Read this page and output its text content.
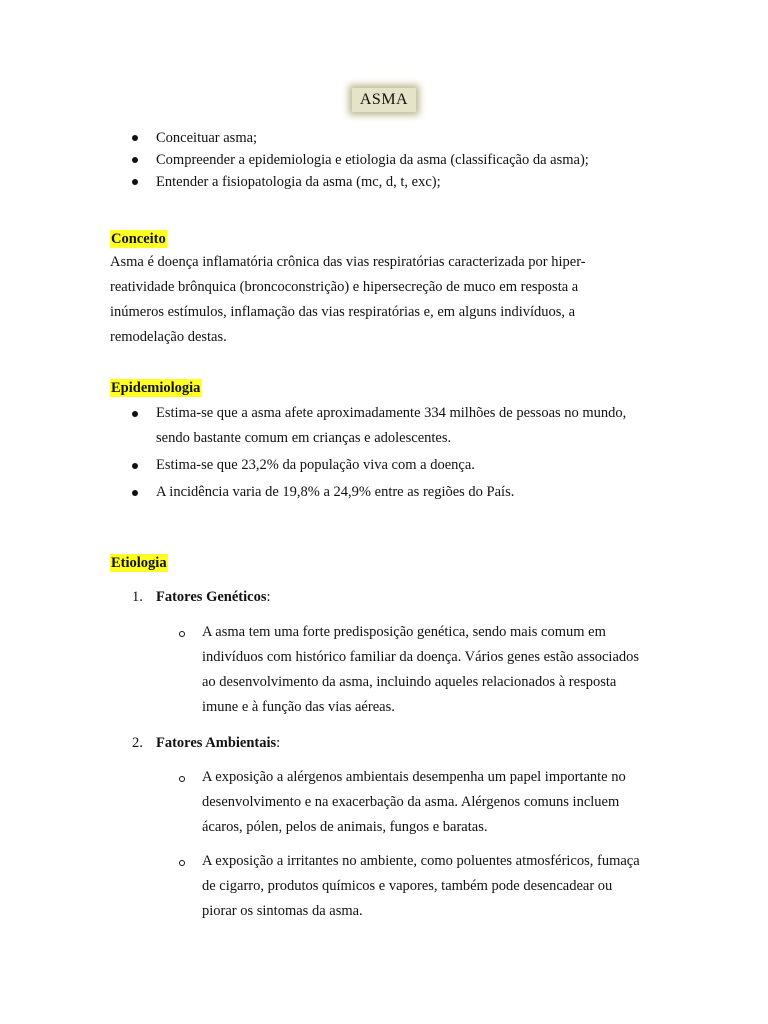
ASMA
Conceituar asma;
Compreender a epidemiologia e etiologia da asma (classificação da asma);
Entender a fisiopatologia da asma (mc, d, t, exc);
Conceito

Asma é doença inflamatória crônica das vias respiratórias caracterizada por hiper-reatividade brônquica (broncoconstrição) e hipersecreção de muco em resposta a inúmeros estímulos, inflamação das vias respiratórias e, em alguns indivíduos, a remodelação destas.

Epidemiologia
Estima-se que a asma afete aproximadamente 334 milhões de pessoas no mundo, sendo bastante comum em crianças e adolescentes.
Estima-se que 23,2% da população viva com a doença.
A incidência varia de 19,8% a 24,9% entre as regiões do País.
Etiologia
1. Fatores Genéticos:
A asma tem uma forte predisposição genética, sendo mais comum em indivíduos com histórico familiar da doença. Vários genes estão associados ao desenvolvimento da asma, incluindo aqueles relacionados à resposta imune e à função das vias aéreas.
2. Fatores Ambientais:
A exposição a alérgenos ambientais desempenha um papel importante no desenvolvimento e na exacerbação da asma. Alérgenos comuns incluem ácaros, pólen, pelos de animais, fungos e baratas.
A exposição a irritantes no ambiente, como poluentes atmosféricos, fumaça de cigarro, produtos químicos e vapores, também pode desencadear ou piorar os sintomas da asma.
